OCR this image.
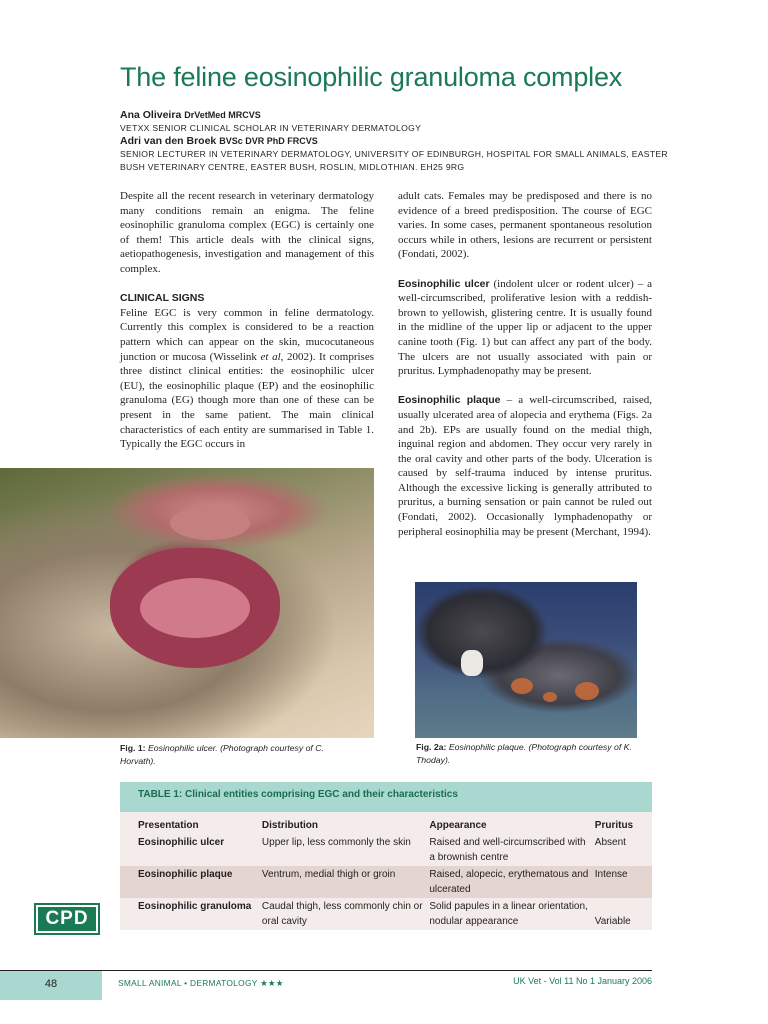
The feline eosinophilic granuloma complex
Ana Oliveira DrVetMed MRCVS
VETXX SENIOR CLINICAL SCHOLAR IN VETERINARY DERMATOLOGY
Adri van den Broek BVSc DVR PhD FRCVS
SENIOR LECTURER IN VETERINARY DERMATOLOGY, UNIVERSITY OF EDINBURGH, HOSPITAL FOR SMALL ANIMALS, EASTER BUSH VETERINARY CENTRE, EASTER BUSH, ROSLIN, MIDLOTHIAN. EH25 9RG

Despite all the recent research in veterinary dermatology many conditions remain an enigma. The feline eosinophilic granuloma complex (EGC) is certainly one of them! This article deals with the clinical signs, aetiopathogenesis, investigation and management of this complex.

CLINICAL SIGNS

Feline EGC is very common in feline dermatology. Currently this complex is considered to be a reaction pattern which can appear on the skin, mucocutaneous junction or mucosa (Wisselink et al, 2002). It comprises three distinct clinical entities: the eosinophilic ulcer (EU), the eosinophilic plaque (EP) and the eosinophilic granuloma (EG) though more than one of these can be present in the same patient. The main clinical characteristics of each entity are summarised in Table 1. Typically the EGC occurs in

adult cats. Females may be predisposed and there is no evidence of a breed predisposition. The course of EGC varies. In some cases, permanent spontaneous resolution occurs while in others, lesions are recurrent or persistent (Fondati, 2002).

Eosinophilic ulcer (indolent ulcer or rodent ulcer) – a well-circumscribed, proliferative lesion with a reddish-brown to yellowish, glistering centre. It is usually found in the midline of the upper lip or adjacent to the upper canine tooth (Fig. 1) but can affect any part of the body. The ulcers are not usually associated with pain or pruritus. Lymphadenopathy may be present.

Eosinophilic plaque – a well-circumscribed, raised, usually ulcerated area of alopecia and erythema (Figs. 2a and 2b). EPs are usually found on the medial thigh, inguinal region and abdomen. They occur very rarely in the oral cavity and other parts of the body. Ulceration is caused by self-trauma induced by intense pruritus. Although the excessive licking is generally attributed to pruritus, a burning sensation or pain cannot be ruled out (Fondati, 2002). Occasionally lymphadenopathy or peripheral eosinophilia may be present (Merchant, 1994).

Fig. 1: Eosinophilic ulcer. (Photograph courtesy of C. Horvath).
Fig. 2a: Eosinophilic plaque. (Photograph courtesy of K. Thoday).
TABLE 1: Clinical entities comprising EGC and their characteristics
Presentation	Distribution	Appearance	Pruritus
Eosinophilic ulcer	Upper lip, less commonly the skin	Raised and well-circumscribed with a brownish centre	Absent
Eosinophilic plaque	Ventrum, medial thigh or groin	Raised, alopecic, erythematous and ulcerated	Intense
Eosinophilic granuloma	Caudal thigh, less commonly chin or oral cavity	Solid papules in a linear orientation, nodular appearance	Variable
CPD
48	SMALL ANIMAL • DERMATOLOGY ★★★	UK Vet - Vol 11 No 1 January 2006
